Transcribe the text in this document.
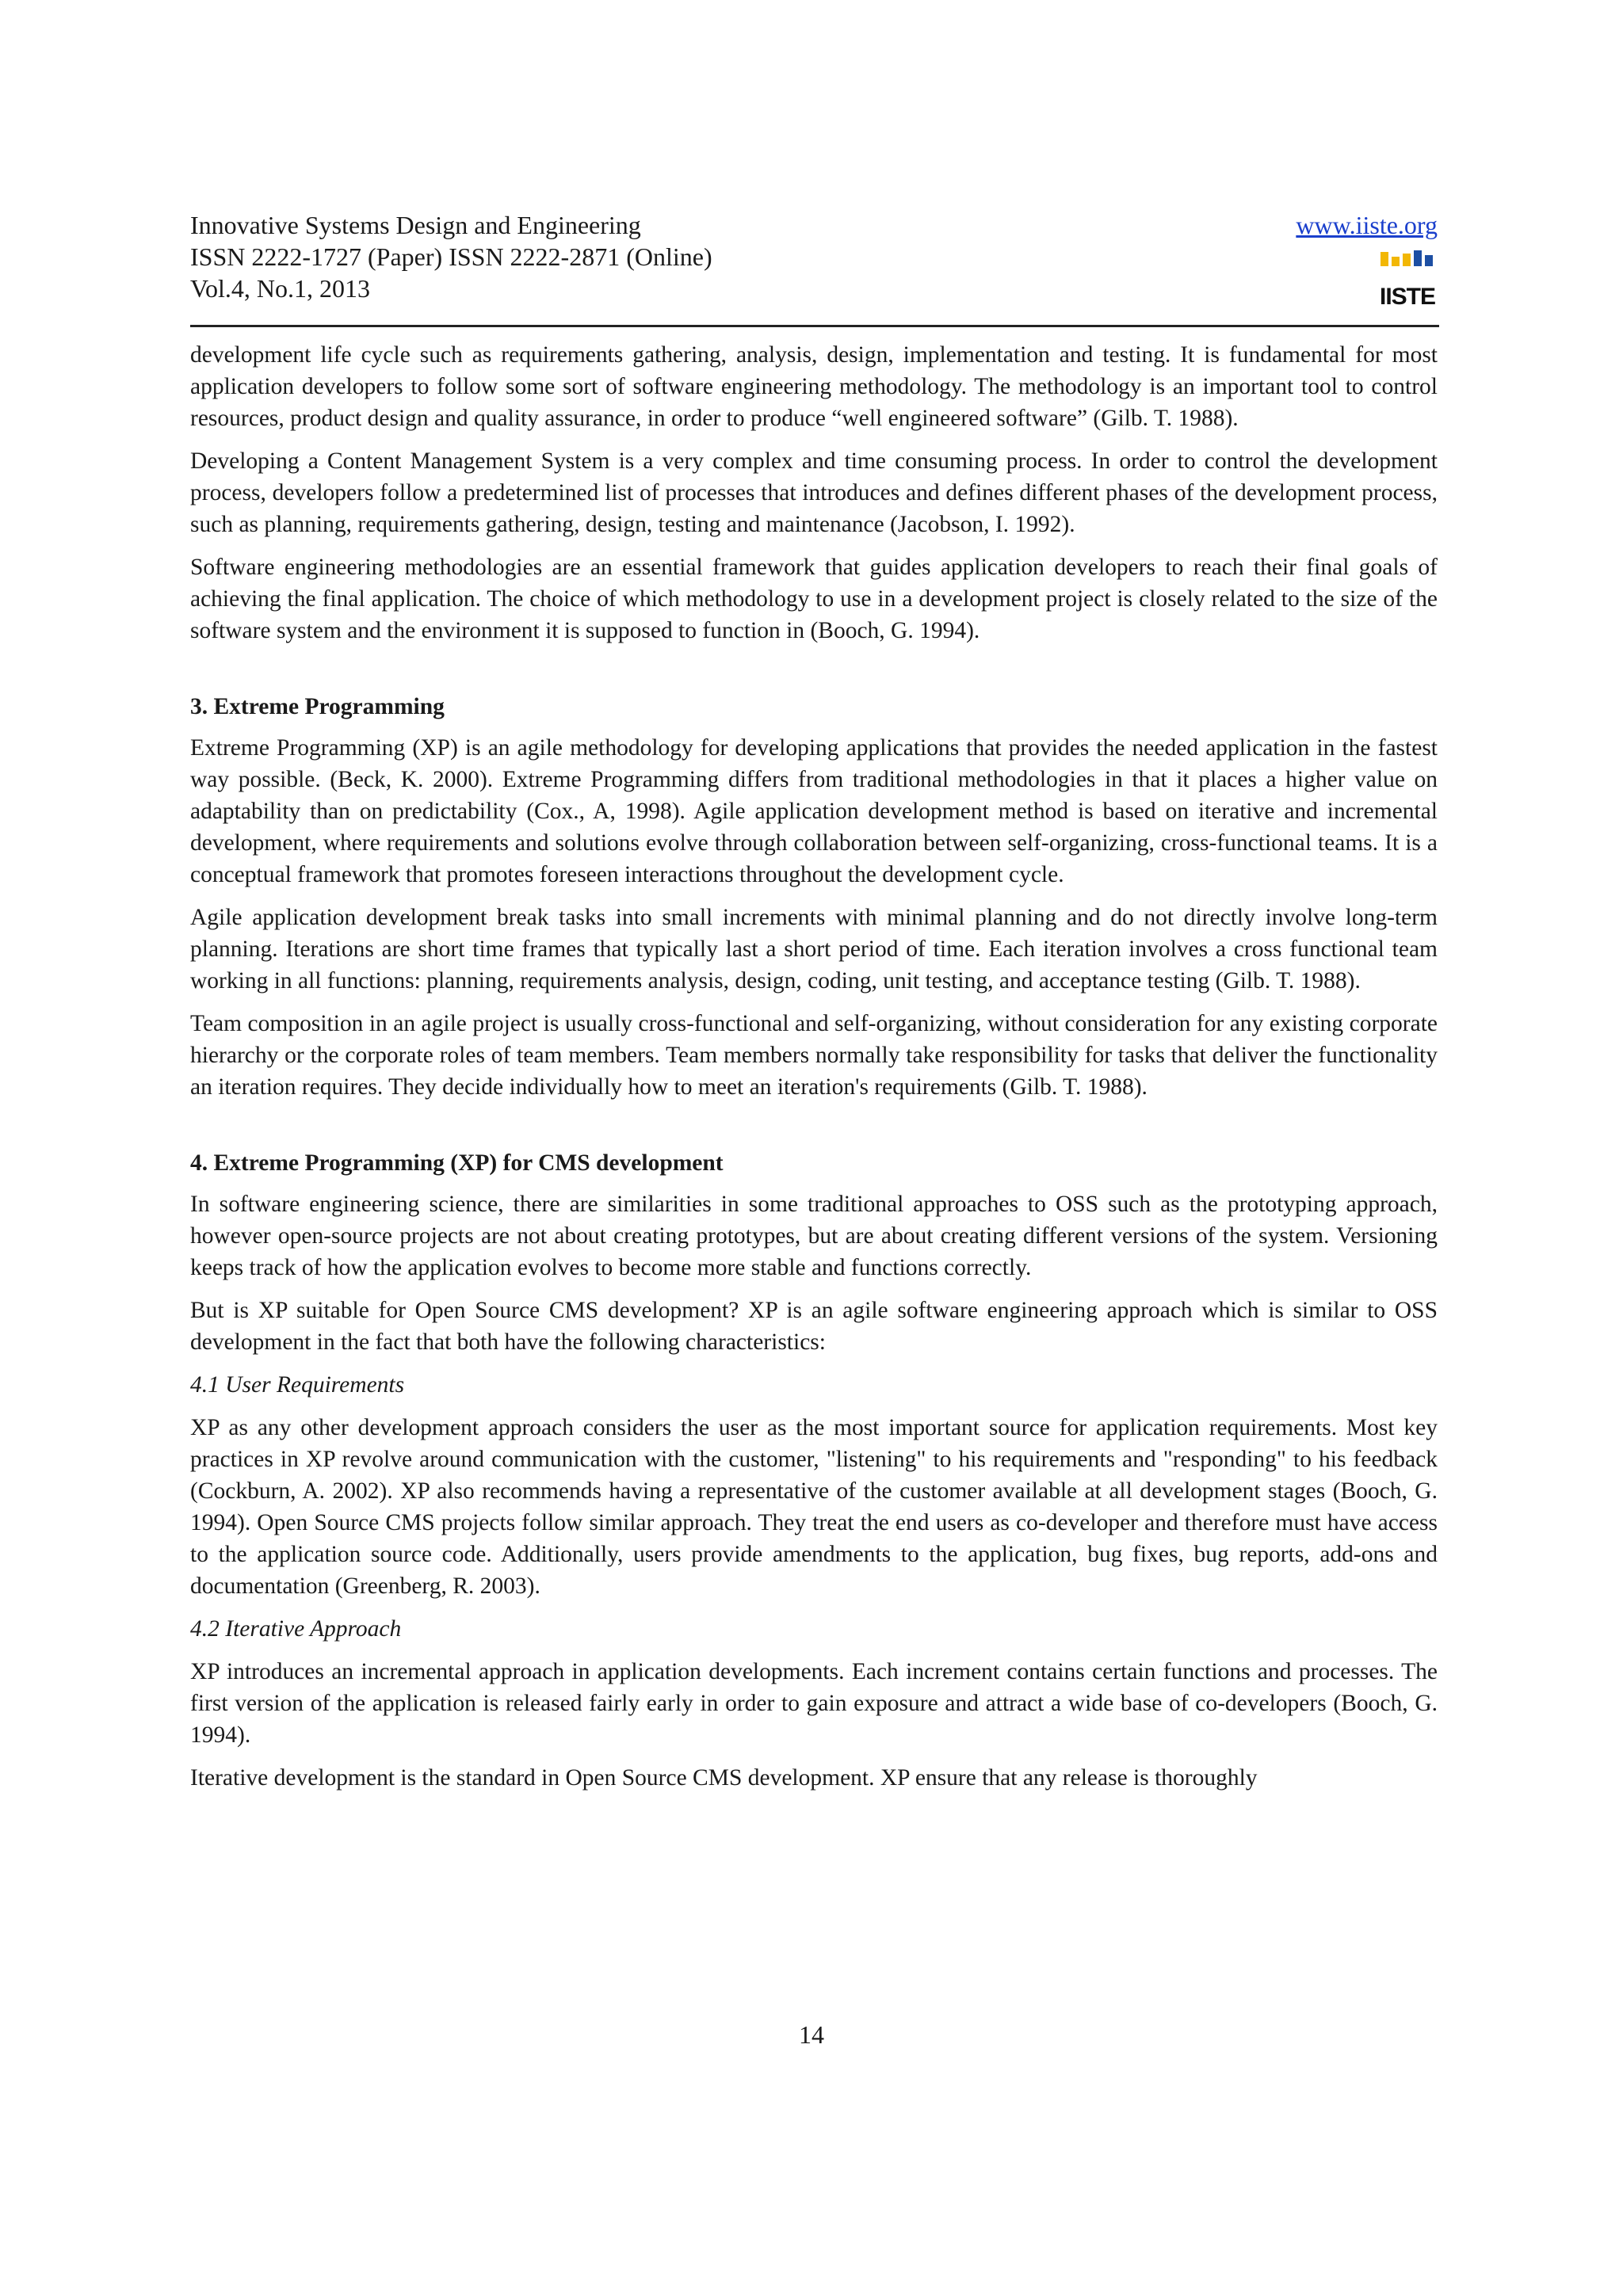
Innovative Systems Design and Engineering
ISSN 2222-1727 (Paper) ISSN 2222-2871 (Online)
Vol.4, No.1, 2013
www.iiste.org
IISTE

development life cycle such as requirements gathering, analysis, design, implementation and testing. It is fundamental for most application developers to follow some sort of software engineering methodology. The methodology is an important tool to control resources, product design and quality assurance, in order to produce “well engineered software” (Gilb. T. 1988).

Developing a Content Management System is a very complex and time consuming process. In order to control the development process, developers follow a predetermined list of processes that introduces and defines different phases of the development process, such as planning, requirements gathering, design, testing and maintenance (Jacobson, I. 1992).

Software engineering methodologies are an essential framework that guides application developers to reach their final goals of achieving the final application. The choice of which methodology to use in a development project is closely related to the size of the software system and the environment it is supposed to function in (Booch, G. 1994).

3. Extreme Programming

Extreme Programming (XP) is an agile methodology for developing applications that provides the needed application in the fastest way possible. (Beck, K. 2000). Extreme Programming differs from traditional methodologies in that it places a higher value on adaptability than on predictability (Cox., A, 1998). Agile application development method is based on iterative and incremental development, where requirements and solutions evolve through collaboration between self-organizing, cross-functional teams. It is a conceptual framework that promotes foreseen interactions throughout the development cycle.

Agile application development break tasks into small increments with minimal planning and do not directly involve long-term planning. Iterations are short time frames that typically last a short period of time. Each iteration involves a cross functional team working in all functions: planning, requirements analysis, design, coding, unit testing, and acceptance testing (Gilb. T. 1988).

Team composition in an agile project is usually cross-functional and self-organizing, without consideration for any existing corporate hierarchy or the corporate roles of team members. Team members normally take responsibility for tasks that deliver the functionality an iteration requires. They decide individually how to meet an iteration's requirements (Gilb. T. 1988).

4. Extreme Programming (XP) for CMS development

In software engineering science, there are similarities in some traditional approaches to OSS such as the prototyping approach, however open-source projects are not about creating prototypes, but are about creating different versions of the system. Versioning keeps track of how the application evolves to become more stable and functions correctly.

But is XP suitable for Open Source CMS development? XP is an agile software engineering approach which is similar to OSS development in the fact that both have the following characteristics:

4.1 User Requirements

XP as any other development approach considers the user as the most important source for application requirements. Most key practices in XP revolve around communication with the customer, "listening" to his requirements and "responding" to his feedback (Cockburn, A. 2002). XP also recommends having a representative of the customer available at all development stages (Booch, G. 1994). Open Source CMS projects follow similar approach. They treat the end users as co-developer and therefore must have access to the application source code. Additionally, users provide amendments to the application, bug fixes, bug reports, add-ons and documentation (Greenberg, R. 2003).

4.2 Iterative Approach

XP introduces an incremental approach in application developments. Each increment contains certain functions and processes. The first version of the application is released fairly early in order to gain exposure and attract a wide base of co-developers (Booch, G. 1994).

Iterative development is the standard in Open Source CMS development. XP ensure that any release is thoroughly

14
